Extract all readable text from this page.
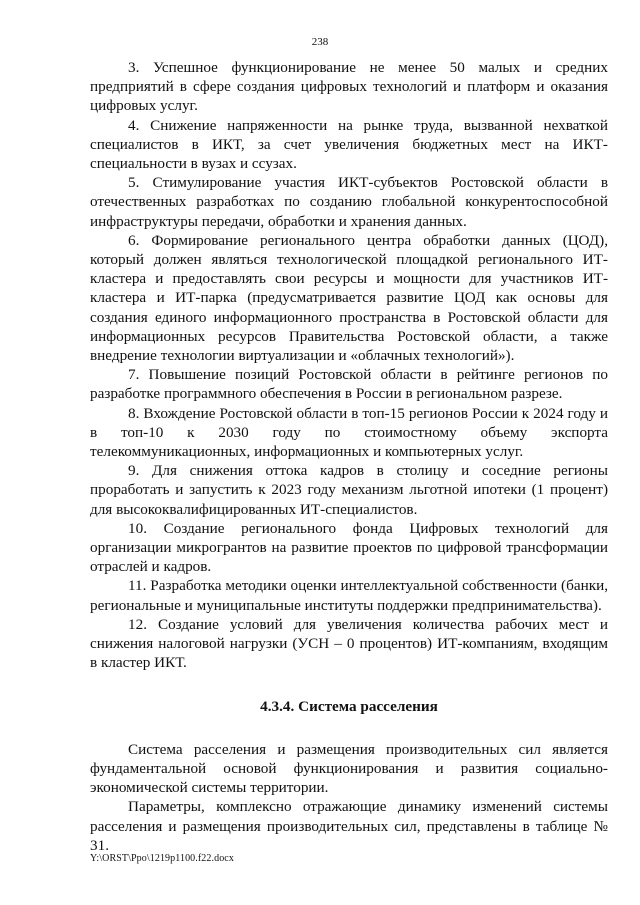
238

3. Успешное функционирование не менее 50 малых и средних предприятий в сфере создания цифровых технологий и платформ и оказания цифровых услуг.

4. Снижение напряженности на рынке труда, вызванной нехваткой специалистов в ИКТ, за счет увеличения бюджетных мест на ИКТ-специальности в вузах и ссузах.

5. Стимулирование участия ИКТ-субъектов Ростовской области в отечественных разработках по созданию глобальной конкурентоспособной инфраструктуры передачи, обработки и хранения данных.

6. Формирование регионального центра обработки данных (ЦОД), который должен являться технологической площадкой регионального ИТ-кластера и предоставлять свои ресурсы и мощности для участников ИТ-кластера и ИТ-парка (предусматривается развитие ЦОД как основы для создания единого информационного пространства в Ростовской области для информационных ресурсов Правительства Ростовской области, а также внедрение технологии виртуализации и «облачных технологий»).

7. Повышение позиций Ростовской области в рейтинге регионов по разработке программного обеспечения в России в региональном разрезе.

8. Вхождение Ростовской области в топ-15 регионов России к 2024 году и в топ-10 к 2030 году по стоимостному объему экспорта телекоммуникационных, информационных и компьютерных услуг.

9. Для снижения оттока кадров в столицу и соседние регионы проработать и запустить к 2023 году механизм льготной ипотеки (1 процент) для высококвалифицированных ИТ-специалистов.

10. Создание регионального фонда Цифровых технологий для организации микрогрантов на развитие проектов по цифровой трансформации отраслей и кадров.

11. Разработка методики оценки интеллектуальной собственности (банки, региональные и муниципальные институты поддержки предпринимательства).

12. Создание условий для увеличения количества рабочих мест и снижения налоговой нагрузки (УСН – 0 процентов) ИТ-компаниям, входящим в кластер ИКТ.

4.3.4. Система расселения

Система расселения и размещения производительных сил является фундаментальной основой функционирования и развития социально-экономической системы территории.

Параметры, комплексно отражающие динамику изменений системы расселения и размещения производительных сил, представлены в таблице № 31.

Y:\ORST\Ppo\1219p1100.f22.docx
